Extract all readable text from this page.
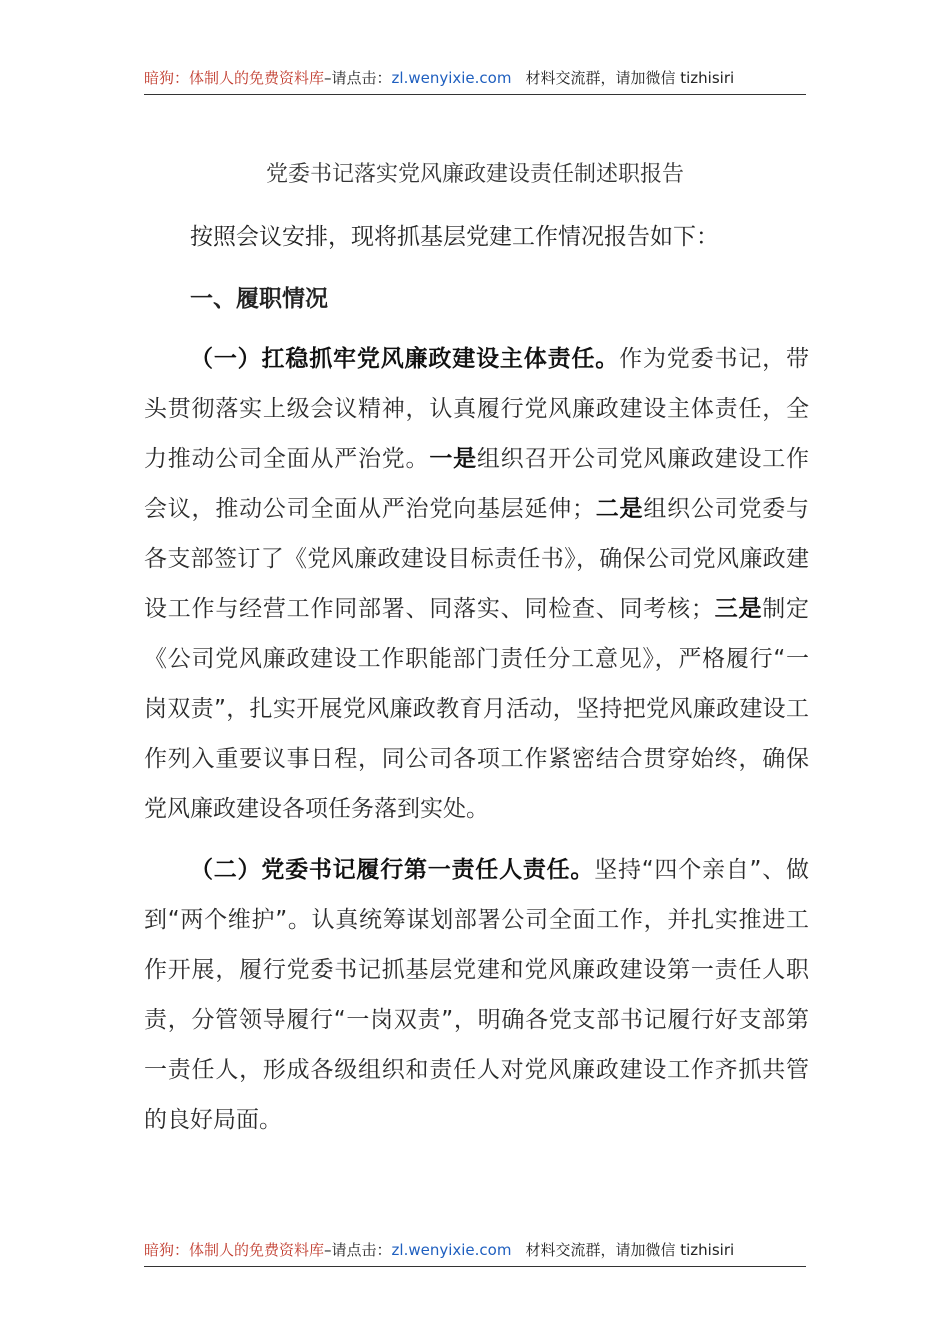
暗狗：体制人的免费资料库–请点击：zl.wenyixie.com 材料交流群，请加微信 tizhisiri
党委书记落实党风廉政建设责任制述职报告
按照会议安排，现将抓基层党建工作情况报告如下：
一、履职情况
（一）扛稳抓牢党风廉政建设主体责任。作为党委书记，带头贯彻落实上级会议精神，认真履行党风廉政建设主体责任，全力推动公司全面从严治党。一是组织召开公司党风廉政建设工作会议，推动公司全面从严治党向基层延伸；二是组织公司党委与各支部签订了《党风廉政建设目标责任书》，确保公司党风廉政建设工作与经营工作同部署、同落实、同检查、同考核；三是制定《公司党风廉政建设工作职能部门责任分工意见》，严格履行“一岗双责”，扎实开展党风廉政教育月活动，坚持把党风廉政建设工作列入重要议事日程，同公司各项工作紧密结合贯穿始终，确保党风廉政建设各项任务落到实处。
（二）党委书记履行第一责任人责任。坚持“四个亲自”、做到“两个维护”。认真统筹谋划部署公司全面工作，并扎实推进工作开展，履行党委书记抓基层党建和党风廉政建设第一责任人职责，分管领导履行“一岗双责”，明确各党支部书记履行好支部第一责任人，形成各级组织和责任人对党风廉政建设工作齐抓共管的良好局面。
暗狗：体制人的免费资料库–请点击：zl.wenyixie.com 材料交流群，请加微信 tizhisiri
